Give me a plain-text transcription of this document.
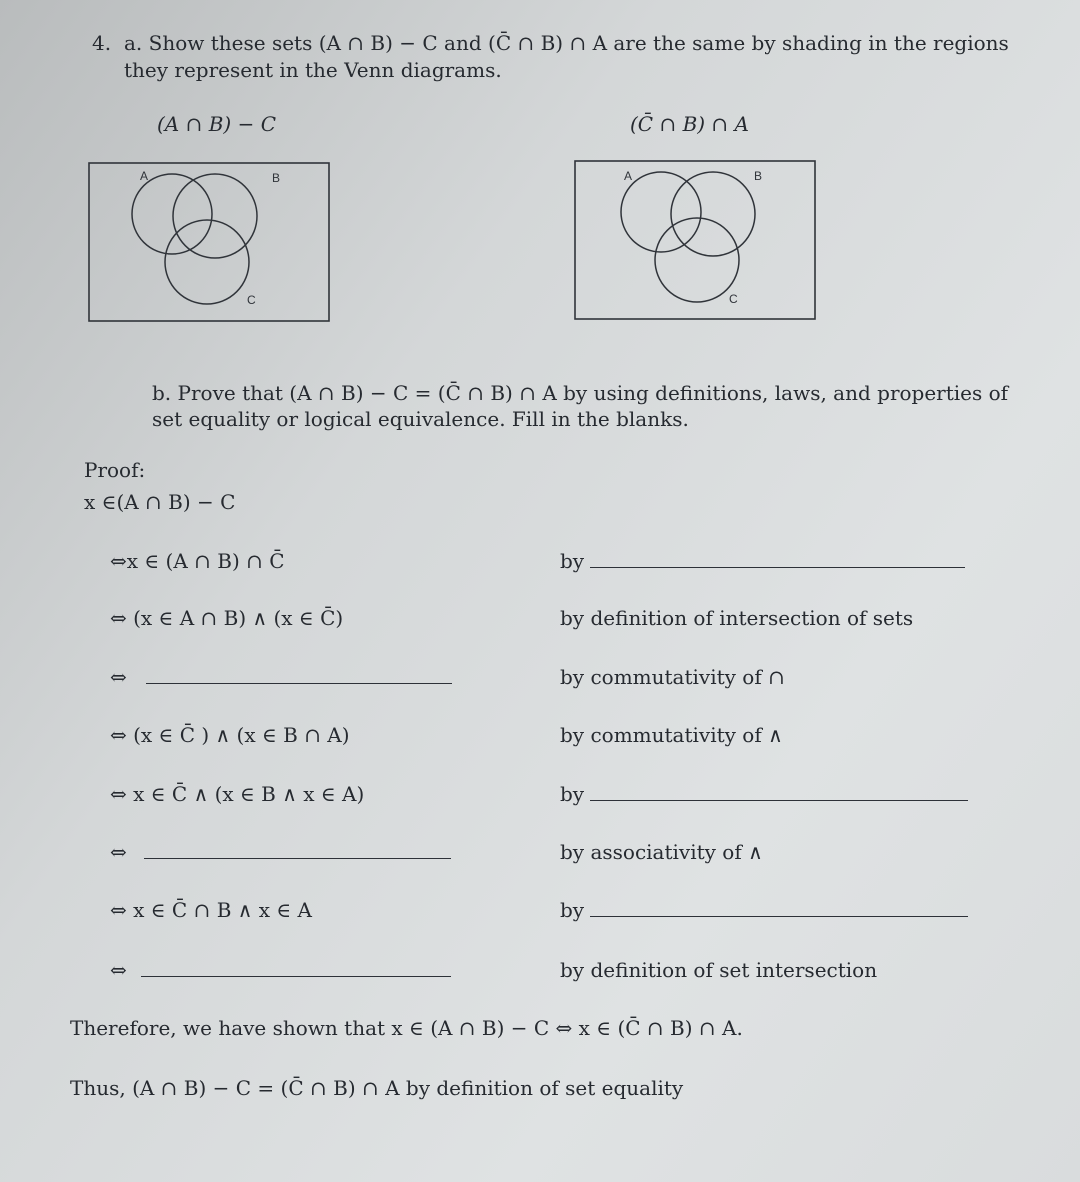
4. a. Show these sets (A ∩ B) − C and (C̄ ∩ B) ∩ A are the same by shading in the regions
they represent in the Venn diagrams.
(A ∩ B) − C	(C̄ ∩ B) ∩ A
A	B
C
A	B
C
b. Prove that (A ∩ B) − C = (C̄ ∩ B) ∩ A by using definitions, laws, and properties of
set equality or logical equivalence. Fill in the blanks.
Proof:
x ∈(A ∩ B) − C
⇔x ∈ (A ∩ B) ∩ C̄	by
⇔ (x ∈ A ∩ B) ∧ (x ∈ C̄)	by definition of intersection of sets
⇔	by commutativity of ∩
⇔ (x ∈ C̄ ) ∧ (x ∈ B ∩ A)	by commutativity of ∧
⇔ x ∈ C̄ ∧ (x ∈ B ∧ x ∈ A)	by
⇔	by associativity of ∧
⇔ x ∈ C̄ ∩ B ∧ x ∈ A	by
⇔	by definition of set intersection
Therefore, we have shown that x ∈ (A ∩ B) − C ⇔ x ∈ (C̄ ∩ B) ∩ A.
Thus, (A ∩ B) − C = (C̄ ∩ B) ∩ A by definition of set equality
